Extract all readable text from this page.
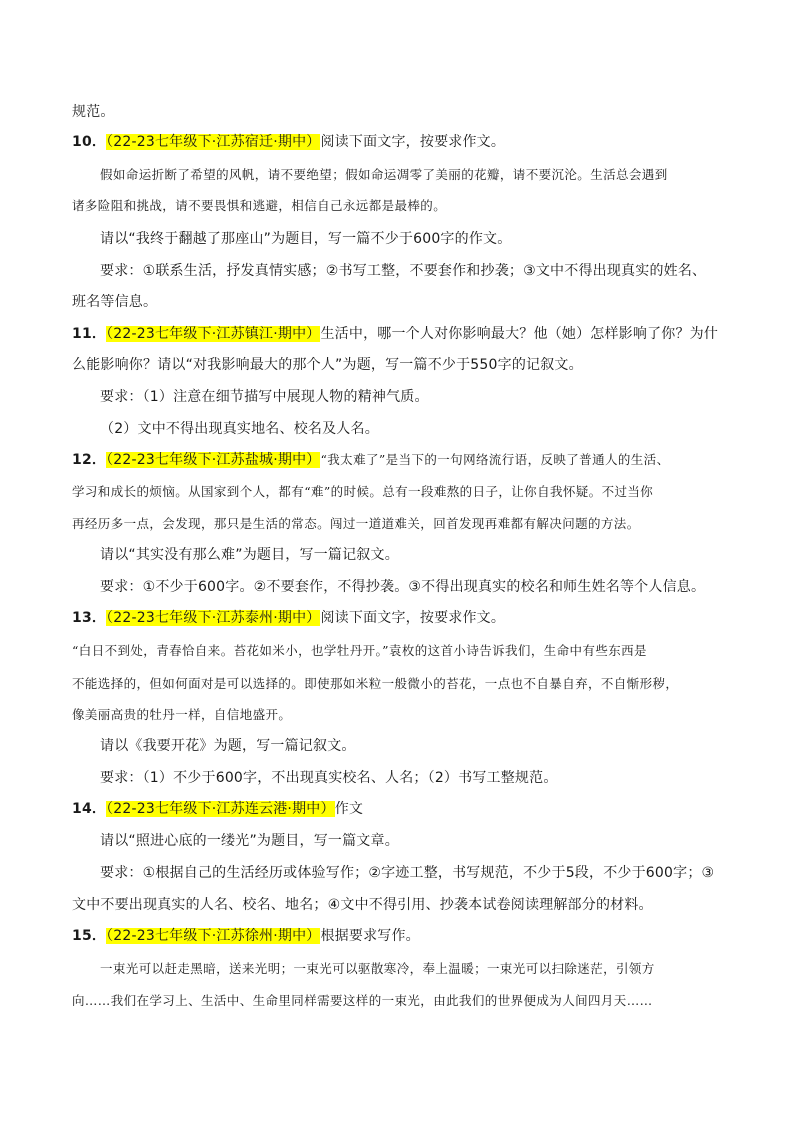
规范。
10．（22-23七年级下·江苏宿迁·期中）阅读下面文字，按要求作文。
假如命运折断了希望的风帆，请不要绝望；假如命运凋零了美丽的花瓣，请不要沉沦。生活总会遇到
诸多险阻和挑战，请不要畏惧和逃避，相信自己永远都是最棒的。
请以“我终于翻越了那座山”为题目，写一篇不少于600字的作文。
要求：①联系生活，抒发真情实感；②书写工整，不要套作和抄袭；③文中不得出现真实的姓名、
班名等信息。
11．（22-23七年级下·江苏镇江·期中）生活中，哪一个人对你影响最大？他（她）怎样影响了你？为什
么能影响你？请以“对我影响最大的那个人”为题，写一篇不少于550字的记叙文。
要求：（1）注意在细节描写中展现人物的精神气质。
（2）文中不得出现真实地名、校名及人名。
12．（22-23七年级下·江苏盐城·期中）“我太难了”是当下的一句网络流行语，反映了普通人的生活、
学习和成长的烦恼。从国家到个人，都有“难”的时候。总有一段难熬的日子，让你自我怀疑。不过当你
再经历多一点，会发现，那只是生活的常态。闯过一道道难关，回首发现再难都有解决问题的方法。
请以“其实没有那么难”为题目，写一篇记叙文。
要求：①不少于600字。②不要套作，不得抄袭。③不得出现真实的校名和师生姓名等个人信息。
13．（22-23七年级下·江苏泰州·期中）阅读下面文字，按要求作文。
“白日不到处，青春恰自来。苔花如米小，也学牡丹开。”袁枚的这首小诗告诉我们，生命中有些东西是
不能选择的，但如何面对是可以选择的。即使那如米粒一般微小的苔花，一点也不自暴自弃，不自惭形秽，
像美丽高贵的牡丹一样，自信地盛开。
请以《我要开花》为题，写一篇记叙文。
要求：（1）不少于600字，不出现真实校名、人名；（2）书写工整规范。
14．（22-23七年级下·江苏连云港·期中）作文
请以“照进心底的一缕光”为题目，写一篇文章。
要求：①根据自己的生活经历或体验写作；②字迹工整，书写规范，不少于5段，不少于600字；③
文中不要出现真实的人名、校名、地名；④文中不得引用、抄袭本试卷阅读理解部分的材料。
15．（22-23七年级下·江苏徐州·期中）根据要求写作。
一束光可以赶走黑暗，送来光明；一束光可以驱散寒冷，奉上温暖；一束光可以扫除迷茫，引领方
向……我们在学习上、生活中、生命里同样需要这样的一束光，由此我们的世界便成为人间四月天……
